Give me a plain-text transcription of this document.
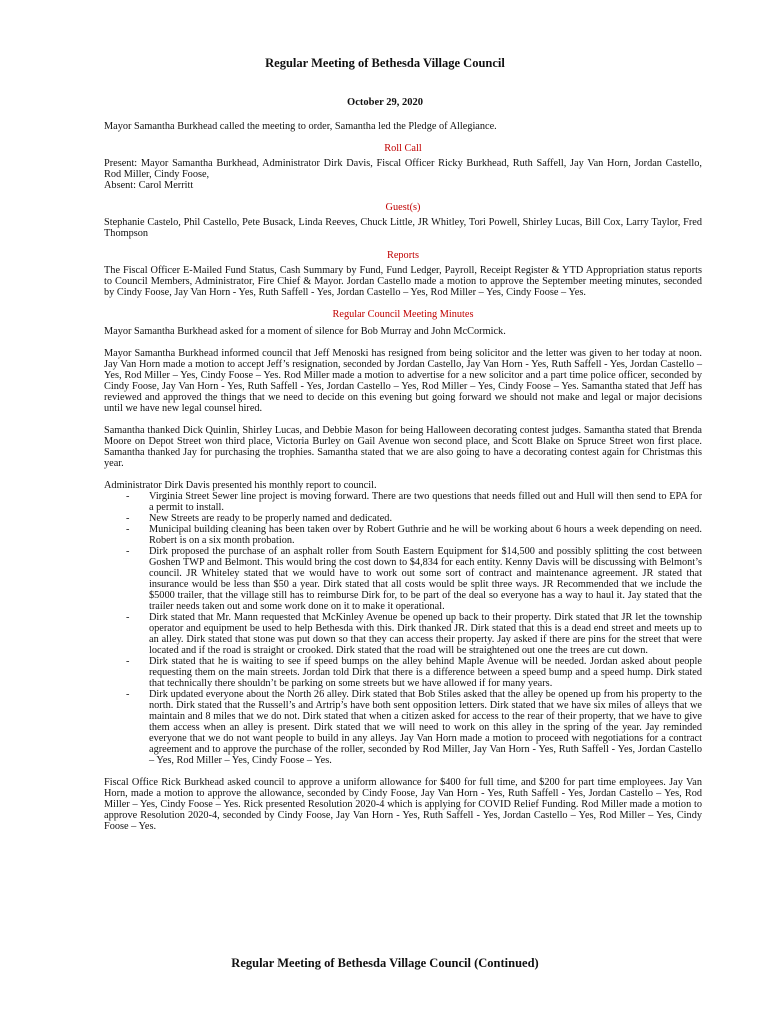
Regular Meeting of Bethesda Village Council
October 29, 2020

Mayor Samantha Burkhead called the meeting to order, Samantha led the Pledge of Allegiance.

Roll Call
Present: Mayor Samantha Burkhead, Administrator Dirk Davis, Fiscal Officer Ricky Burkhead, Ruth Saffell, Jay Van Horn, Jordan Castello, Rod Miller, Cindy Foose,

Absent: Carol Merritt

Guest(s)

Stephanie Castelo, Phil Castello, Pete Busack, Linda Reeves, Chuck Little, JR Whitley, Tori Powell, Shirley Lucas, Bill Cox, Larry Taylor, Fred Thompson

Reports

The Fiscal Officer E-Mailed Fund Status, Cash Summary by Fund, Fund Ledger, Payroll, Receipt Register & YTD Appropriation status reports to Council Members, Administrator, Fire Chief & Mayor. Jordan Castello made a motion to approve the September meeting minutes, seconded by Cindy Foose, Jay Van Horn - Yes, Ruth Saffell - Yes, Jordan Castello – Yes, Rod Miller – Yes, Cindy Foose – Yes.

Regular Council Meeting Minutes

Mayor Samantha Burkhead asked for a moment of silence for Bob Murray and John McCormick.

Mayor Samantha Burkhead informed council that Jeff Menoski has resigned from being solicitor and the letter was given to her today at noon. Jay Van Horn made a motion to accept Jeff’s resignation, seconded by Jordan Castello, Jay Van Horn - Yes, Ruth Saffell - Yes, Jordan Castello – Yes, Rod Miller – Yes, Cindy Foose – Yes. Rod Miller made a motion to advertise for a new solicitor and a part time police officer, seconded by Cindy Foose, Jay Van Horn - Yes, Ruth Saffell - Yes, Jordan Castello – Yes, Rod Miller – Yes, Cindy Foose – Yes. Samantha stated that Jeff has reviewed and approved the things that we need to decide on this evening but going forward we should not make and legal or major decisions until we have new legal counsel hired.

Samantha thanked Dick Quinlin, Shirley Lucas, and Debbie Mason for being Halloween decorating contest judges. Samantha stated that Brenda Moore on Depot Street won third place, Victoria Burley on Gail Avenue won second place, and Scott Blake on Spruce Street won first place. Samantha thanked Jay for purchasing the trophies. Samantha stated that we are also going to have a decorating contest again for Christmas this year.

Administrator Dirk Davis presented his monthly report to council.
- Virginia Street Sewer line project is moving forward. There are two questions that needs filled out and Hull will then send to EPA for a permit to install.
- New Streets are ready to be properly named and dedicated.
- Municipal building cleaning has been taken over by Robert Guthrie and he will be working about 6 hours a week depending on need. Robert is on a six month probation.
- Dirk proposed the purchase of an asphalt roller from South Eastern Equipment for $14,500 and possibly splitting the cost between Goshen TWP and Belmont. This would bring the cost down to $4,834 for each entity. Kenny Davis will be discussing with Belmont’s council. JR Whiteley stated that we would have to work out some sort of contract and maintenance agreement. JR stated that insurance would be less than $50 a year. Dirk stated that all costs would be split three ways. JR Recommended that we include the $5000 trailer, that the village still has to reimburse Dirk for, to be part of the deal so everyone has a way to haul it. Jay stated that the trailer needs taken out and some work done on it to make it operational.
- Dirk stated that Mr. Mann requested that McKinley Avenue be opened up back to their property. Dirk stated that JR let the township operator and equipment be used to help Bethesda with this. Dirk thanked JR. Dirk stated that this is a dead end street and meets up to an alley. Dirk stated that stone was put down so that they can access their property. Jay asked if there are pins for the street that were located and if the road is straight or crooked. Dirk stated that the road will be straightened out one the trees are cut down.
- Dirk stated that he is waiting to see if speed bumps on the alley behind Maple Avenue will be needed. Jordan asked about people requesting them on the main streets. Jordan told Dirk that there is a difference between a speed bump and a speed hump. Dirk stated that technically there shouldn’t be parking on some streets but we have allowed if for many years.
- Dirk updated everyone about the North 26 alley. Dirk stated that Bob Stiles asked that the alley be opened up from his property to the north. Dirk stated that the Russell’s and Artrip’s have both sent opposition letters. Dirk stated that we have six miles of alleys that we maintain and 8 miles that we do not. Dirk stated that when a citizen asked for access to the rear of their property, that we have to give them access when an alley is present. Dirk stated that we will need to work on this alley in the spring of the year. Jay reminded everyone that we do not want people to build in any alleys. Jay Van Horn made a motion to proceed with negotiations for a contract agreement and to approve the purchase of the roller, seconded by Rod Miller, Jay Van Horn - Yes, Ruth Saffell - Yes, Jordan Castello – Yes, Rod Miller – Yes, Cindy Foose – Yes.

Fiscal Office Rick Burkhead asked council to approve a uniform allowance for $400 for full time, and $200 for part time employees. Jay Van Horn, made a motion to approve the allowance, seconded by Cindy Foose, Jay Van Horn - Yes, Ruth Saffell - Yes, Jordan Castello – Yes, Rod Miller – Yes, Cindy Foose – Yes. Rick presented Resolution 2020-4 which is applying for COVID Relief Funding. Rod Miller made a motion to approve Resolution 2020-4, seconded by Cindy Foose, Jay Van Horn - Yes, Ruth Saffell - Yes, Jordan Castello – Yes, Rod Miller – Yes, Cindy Foose – Yes.

Regular Meeting of Bethesda Village Council (Continued)
